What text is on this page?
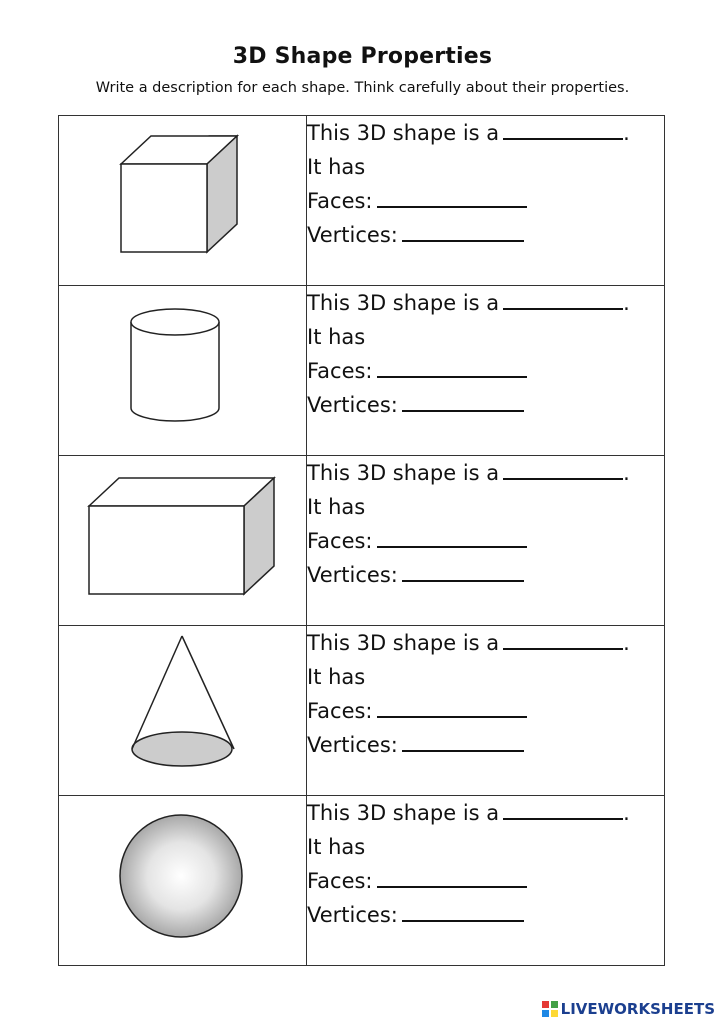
3D Shape Properties
Write a description for each shape. Think carefully about their properties.

This 3D shape is a .
It has
Faces:
Vertices:

This 3D shape is a .
It has
Faces:
Vertices:

This 3D shape is a .
It has
Faces:
Vertices:

This 3D shape is a .
It has
Faces:
Vertices:

This 3D shape is a .
It has
Faces:
Vertices:
LIVEWORKSHEETS
